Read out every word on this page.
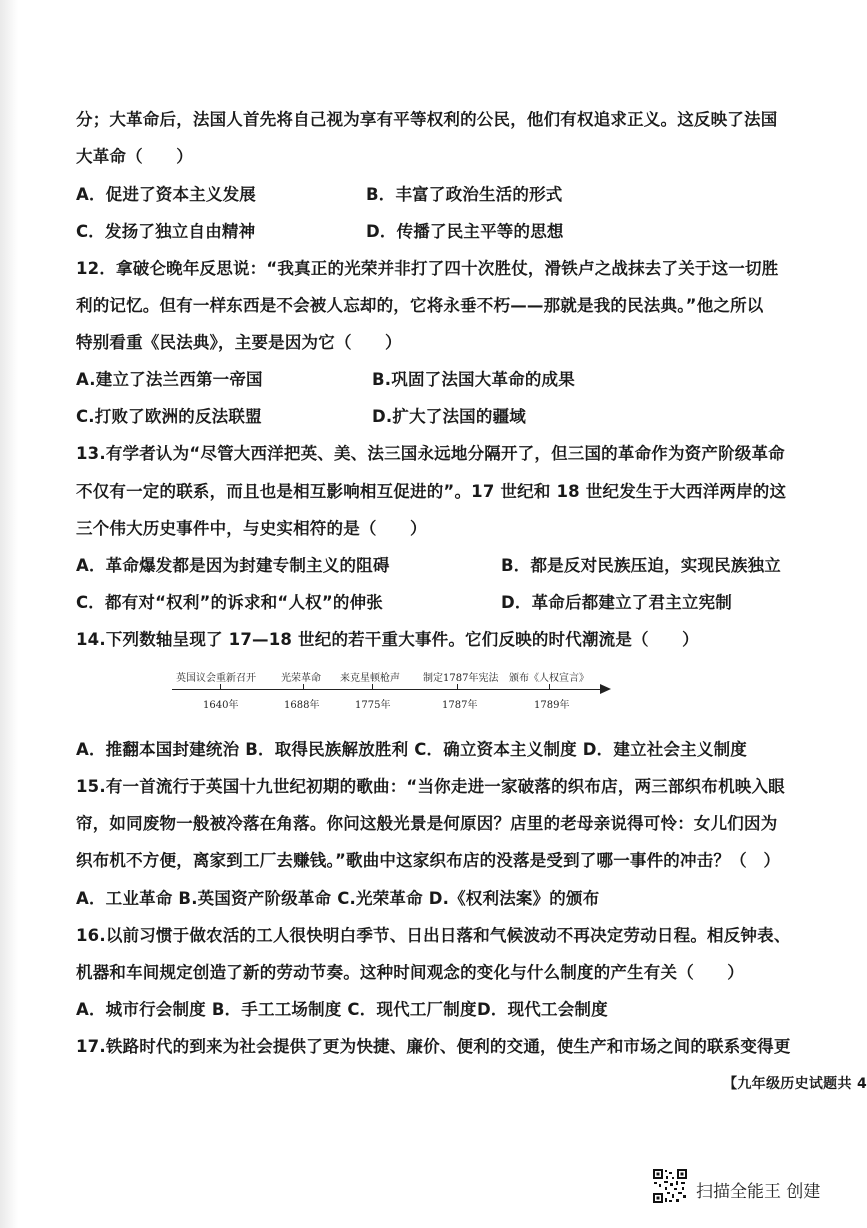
分；大革命后，法国人首先将自己视为享有平等权利的公民，他们有权追求正义。这反映了法国
大革命（　　）
A．促进了资本主义发展	B．丰富了政治生活的形式
C．发扬了独立自由精神	D．传播了民主平等的思想
12．拿破仑晚年反思说：“我真正的光荣并非打了四十次胜仗，滑铁卢之战抹去了关于这一切胜
利的记忆。但有一样东西是不会被人忘却的，它将永垂不朽——那就是我的民法典。”他之所以
特别看重《民法典》，主要是因为它（　　）
A.建立了法兰西第一帝国	B.巩固了法国大革命的成果
C.打败了欧洲的反法联盟	D.扩大了法国的疆域
13.有学者认为“尽管大西洋把英、美、法三国永远地分隔开了，但三国的革命作为资产阶级革命
不仅有一定的联系，而且也是相互影响相互促进的”。17 世纪和 18 世纪发生于大西洋两岸的这
三个伟大历史事件中，与史实相符的是（　　）
A．革命爆发都是因为封建专制主义的阻碍	B．都是反对民族压迫，实现民族独立
C．都有对“权利”的诉求和“人权”的伸张	D．革命后都建立了君主立宪制
14.下列数轴呈现了 17—18 世纪的若干重大事件。它们反映的时代潮流是（　　）
英国议会重新召开	光荣革命 来克星顿枪声 制定1787年宪法 颁布《人权宣言》
1640年	1688年	1775年	1787年	1789年
A．推翻本国封建统治 B．取得民族解放胜利 C．确立资本主义制度 D．建立社会主义制度
15.有一首流行于英国十九世纪初期的歌曲：“当你走进一家破落的织布店，两三部织布机映入眼
帘，如同废物一般被冷落在角落。你问这般光景是何原因？店里的老母亲说得可怜：女儿们因为
织布机不方便，离家到工厂去赚钱。”歌曲中这家织布店的没落是受到了哪一事件的冲击？（　）
A．工业革命 B.英国资产阶级革命 C.光荣革命 D.《权利法案》的颁布
16.以前习惯于做农活的工人很快明白季节、日出日落和气候波动不再决定劳动日程。相反钟表、
机器和车间规定创造了新的劳动节奏。这种时间观念的变化与什么制度的产生有关（　　）
A．城市行会制度 B．手工工场制度 C．现代工厂制度 D．现代工会制度
17.铁路时代的到来为社会提供了更为快捷、廉价、便利的交通，使生产和市场之间的联系变得更
【九年级历史试题共 4
扫描全能王 创建
